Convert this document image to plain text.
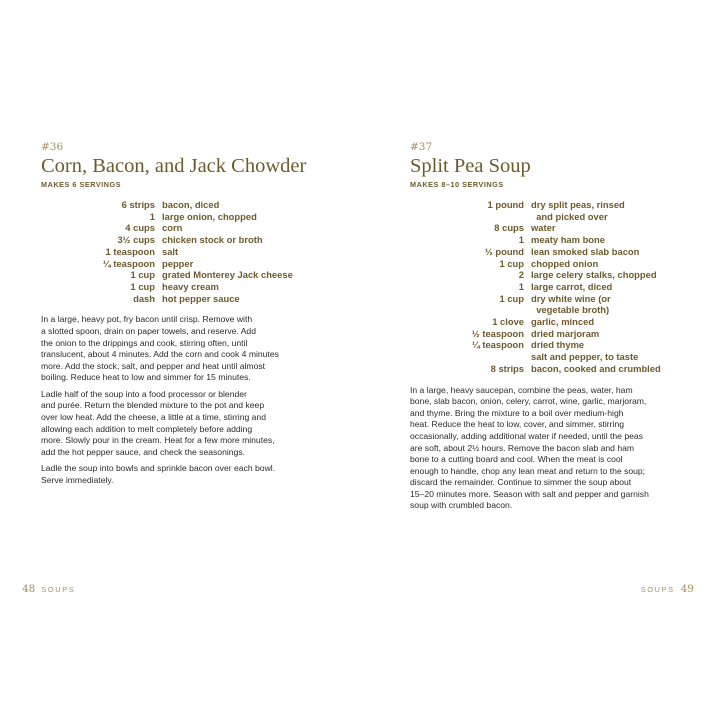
#36
Corn, Bacon, and Jack Chowder
MAKES 6 SERVINGS
6 strips bacon, diced
1 large onion, chopped
4 cups corn
3½ cups chicken stock or broth
1 teaspoon salt
¼ teaspoon pepper
1 cup grated Monterey Jack cheese
1 cup heavy cream
dash hot pepper sauce

In a large, heavy pot, fry bacon until crisp. Remove with
a slotted spoon, drain on paper towels, and reserve. Add
the onion to the drippings and cook, stirring often, until
translucent, about 4 minutes. Add the corn and cook 4 minutes
more. Add the stock, salt, and pepper and heat until almost
boiling. Reduce heat to low and simmer for 15 minutes.

Ladle half of the soup into a food processor or blender
and purée. Return the blended mixture to the pot and keep
over low heat. Add the cheese, a little at a time, stirring and
allowing each addition to melt completely before adding
more. Slowly pour in the cream. Heat for a few more minutes,
add the hot pepper sauce, and check the seasonings.

Ladle the soup into bowls and sprinkle bacon over each bowl.
Serve immediately.

48 SOUPS
#37
Split Pea Soup
MAKES 8–10 SERVINGS
1 pound dry split peas, rinsed
and picked over
8 cups water
1 meaty ham bone
½ pound lean smoked slab bacon
1 cup chopped onion
2 large celery stalks, chopped
1 large carrot, diced
1 cup dry white wine (or
vegetable broth)
1 clove garlic, minced
½ teaspoon dried marjoram
¼ teaspoon dried thyme
salt and pepper, to taste
8 strips bacon, cooked and crumbled

In a large, heavy saucepan, combine the peas, water, ham
bone, slab bacon, onion, celery, carrot, wine, garlic, marjoram,
and thyme. Bring the mixture to a boil over medium-high
heat. Reduce the heat to low, cover, and simmer, stirring
occasionally, adding additional water if needed, until the peas
are soft, about 2½ hours. Remove the bacon slab and ham
bone to a cutting board and cool. When the meat is cool
enough to handle, chop any lean meat and return to the soup;
discard the remainder. Continue to simmer the soup about
15–20 minutes more. Season with salt and pepper and garnish
soup with crumbled bacon.

SOUPS 49
